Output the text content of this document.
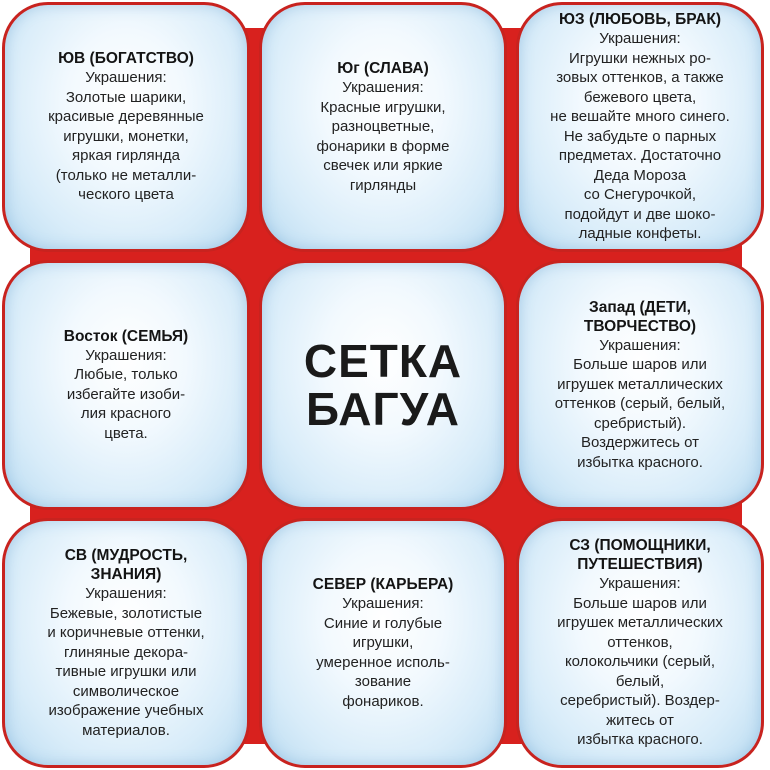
ЮВ (БОГАТСТВО)
Украшения:
Золотые шарики,
красивые деревянные
игрушки, монетки,
яркая гирлянда
(только не металли-
ческого цвета
Юг (СЛАВА)
Украшения:
Красные игрушки,
разноцветные,
фонарики в форме
свечек или яркие
гирлянды
ЮЗ (ЛЮБОВЬ, БРАК)
Украшения:
Игрушки нежных ро-
зовых оттенков, а также
бежевого цвета,
не вешайте много синего.
Не забудьте о парных
предметах. Достаточно
Деда Мороза
со Снегурочкой,
подойдут и две шоко-
ладные конфеты.
Восток (СЕМЬЯ)
Украшения:
Любые, только
избегайте изоби-
лия красного
цвета.
СЕТКА
БАГУА
Запад (ДЕТИ,
ТВОРЧЕСТВО)
Украшения:
Больше шаров или
игрушек металлических
оттенков (серый, белый,
сребристый).
Воздержитесь от
избытка красного.
СВ (МУДРОСТЬ,
ЗНАНИЯ)
Украшения:
Бежевые, золотистые
и коричневые оттенки,
глиняные декора-
тивные игрушки или
символическое
изображение учебных
материалов.
СЕВЕР (КАРЬЕРА)
Украшения:
Синие и голубые
игрушки,
умеренное исполь-
зование
фонариков.
СЗ (ПОМОЩНИКИ,
ПУТЕШЕСТВИЯ)
Украшения:
Больше шаров или
игрушек металлических
оттенков,
колокольчики (серый,
белый,
серебристый). Воздер-
житесь от
избытка красного.
